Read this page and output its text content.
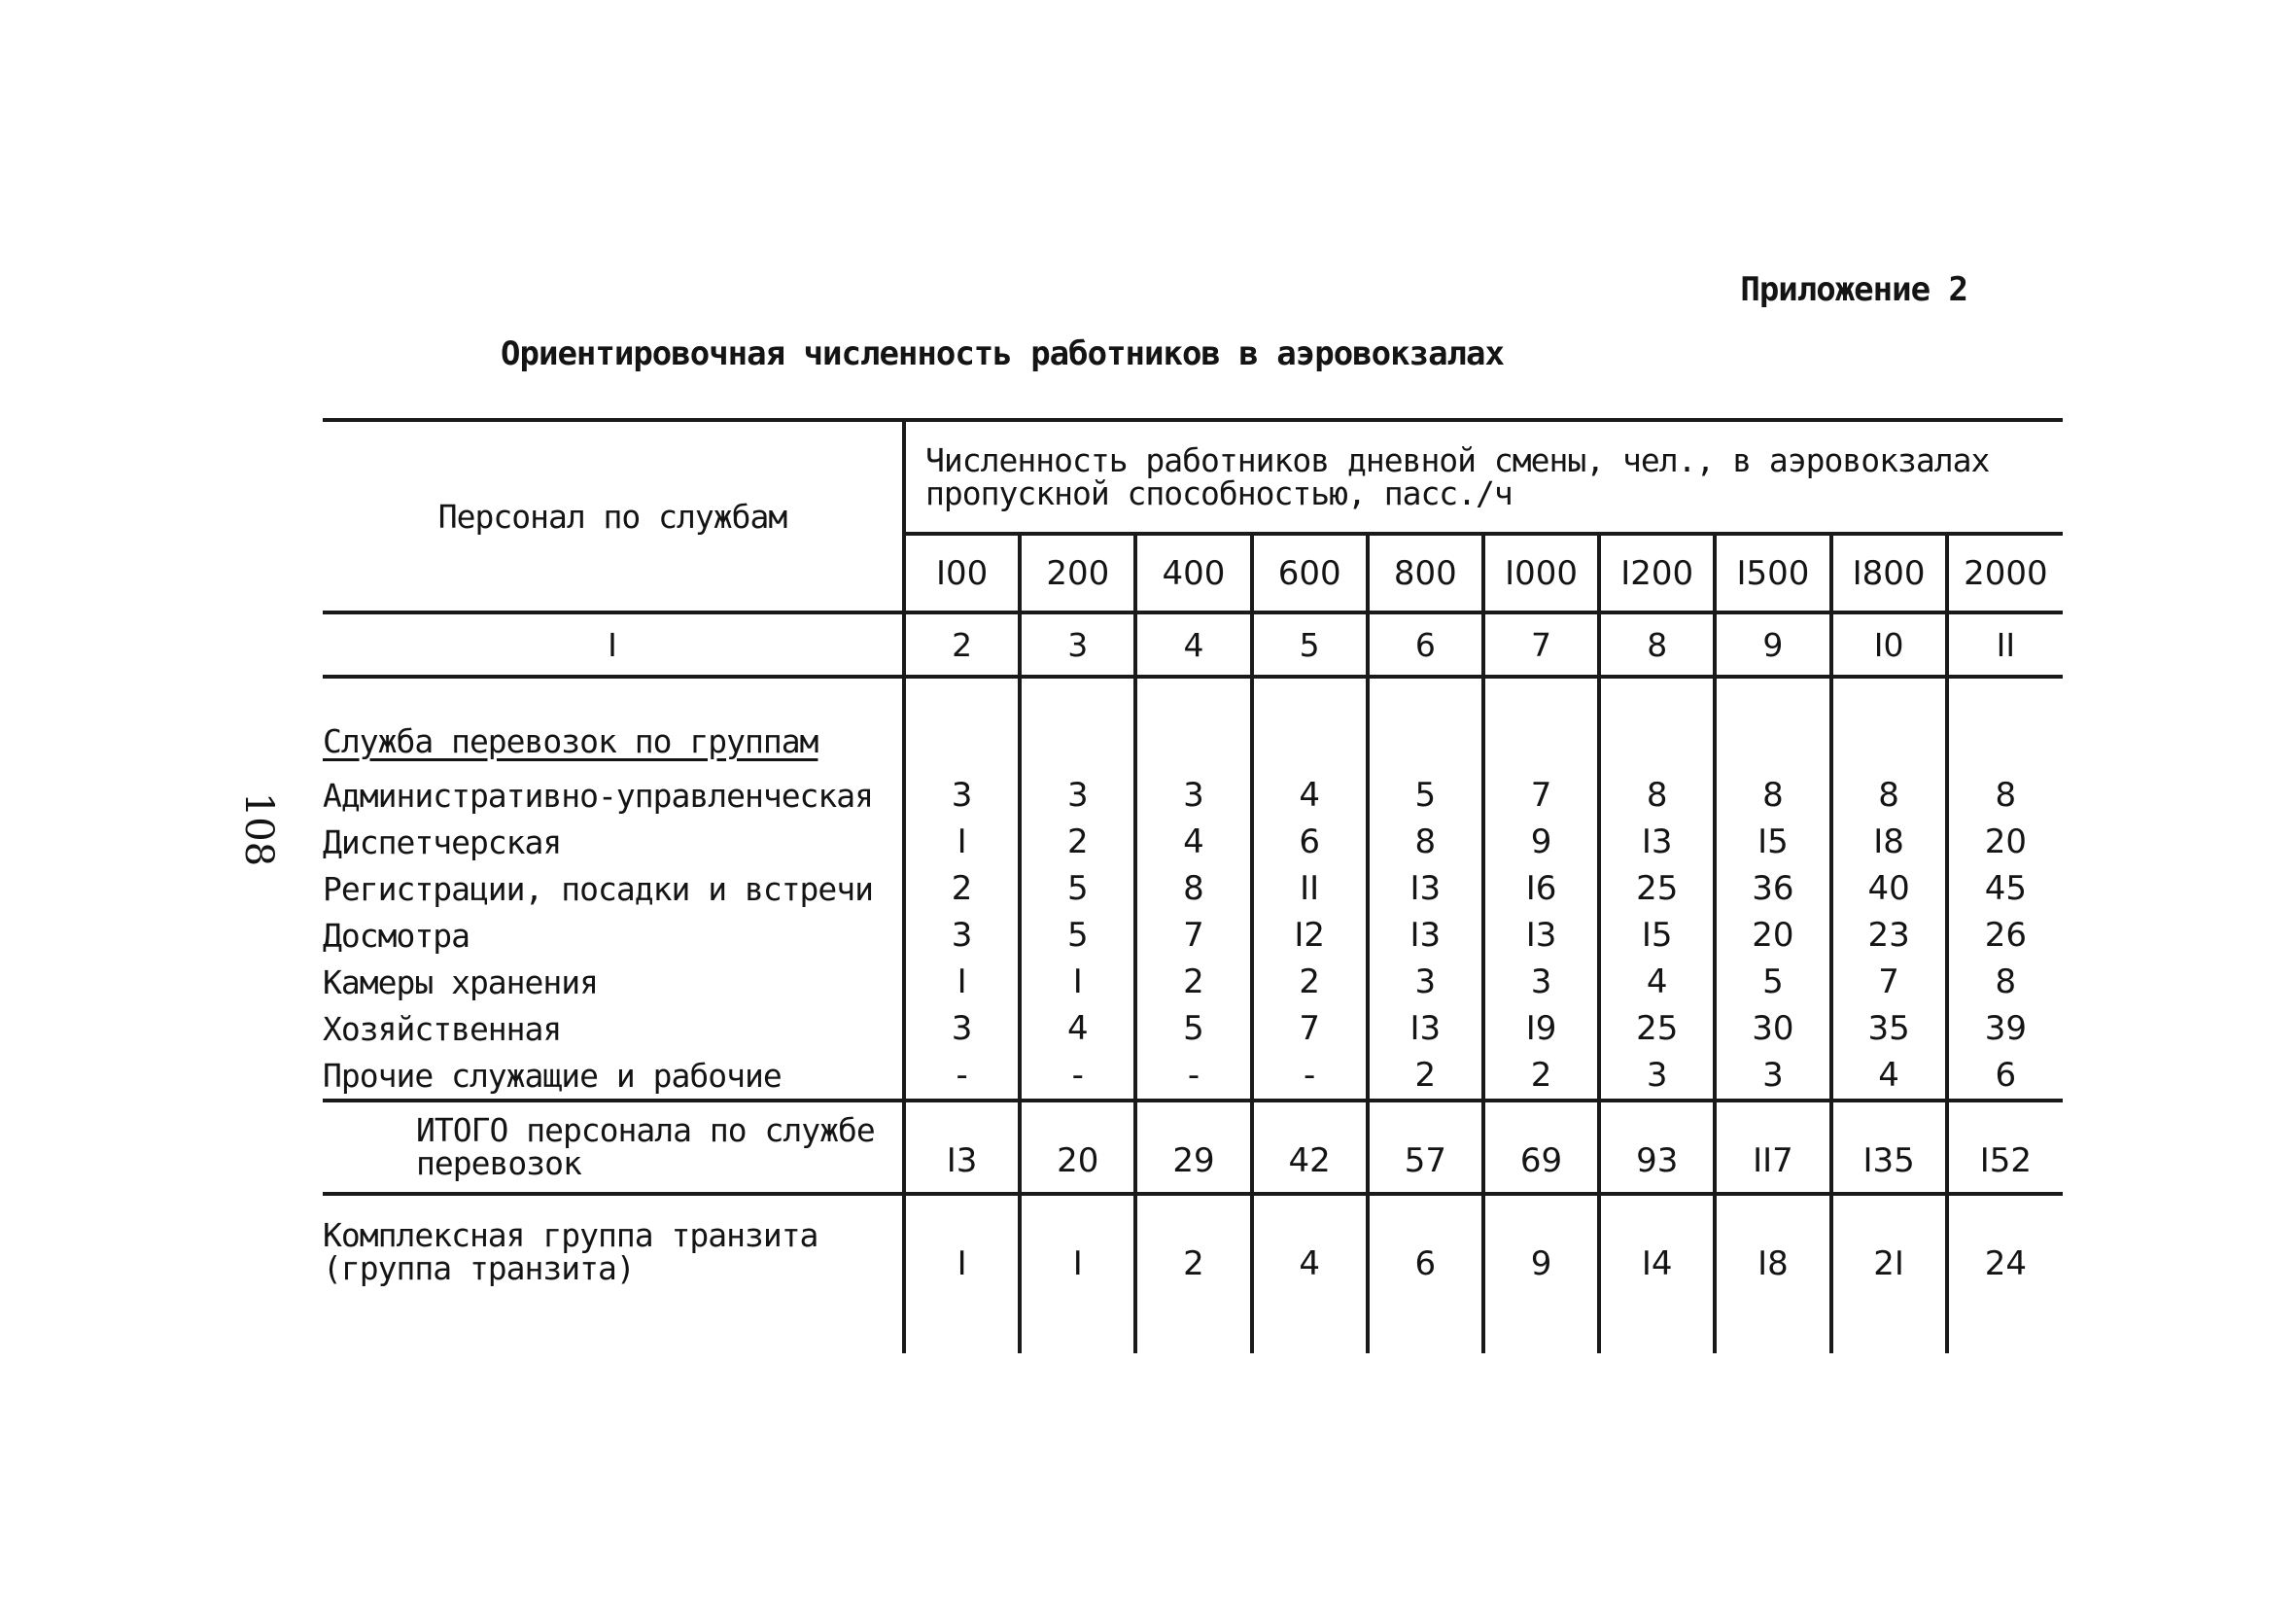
Приложение 2
Ориентировочная численность работников в аэровокзалах
108
Персонал по службам	Численность работников дневной смены, чел., в аэровокзалах
пропускной способностью, пасс./ч									

	I00	200	400	600	800	I000	I200	I500	I800	2000
I	2	3	4	5	6	7	8	9	I0	II
Служба перевозок по группам										
Административно-управленческая	3	3	3	4	5	7	8	8	8	8
Диспетчерская	I	2	4	6	8	9	I3	I5	I8	20
Регистрации, посадки и встречи	2	5	8	II	I3	I6	25	36	40	45
Досмотра	3	5	7	I2	I3	I3	I5	20	23	26
Камеры хранения	I	I	2	2	3	3	4	5	7	8
Хозяйственная	3	4	5	7	I3	I9	25	30	35	39
Прочие служащие и рабочие	-	-	-	-	2	2	3	3	4	6

ИТОГО персонала по службе
перевозок	I3	20	29	42	57	69	93	II7	I35	I52

Комплексная группа транзита
(группа транзита)	I	I	2	4	6	9	I4	I8	2I	24
